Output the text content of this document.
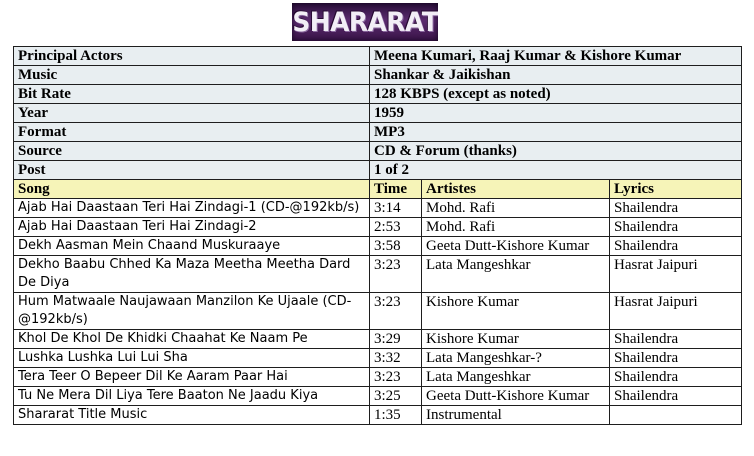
SHARARAT
Principal Actors	Meena Kumari, Raaj Kumar & Kishore Kumar		
Music	Shankar & Jaikishan		
Bit Rate	128 KBPS (except as noted)		
Year	1959		
Format	MP3		
Source	CD & Forum (thanks)		
Post	1 of 2		
Song	Time	Artistes	Lyrics
Ajab Hai Daastaan Teri Hai Zindagi-1 (CD-@192kb/s)	3:14	Mohd. Rafi	Shailendra
Ajab Hai Daastaan Teri Hai Zindagi-2	2:53	Mohd. Rafi	Shailendra
Dekh Aasman Mein Chaand Muskuraaye	3:58	Geeta Dutt-Kishore Kumar	Shailendra
Dekho Baabu Chhed Ka Maza Meetha Meetha Dard De Diya	3:23	Lata Mangeshkar	Hasrat Jaipuri
Hum Matwaale Naujawaan Manzilon Ke Ujaale (CD-@192kb/s)	3:23	Kishore Kumar	Hasrat Jaipuri
Khol De Khol De Khidki Chaahat Ke Naam Pe	3:29	Kishore Kumar	Shailendra
Lushka Lushka Lui Lui Sha	3:32	Lata Mangeshkar-?	Shailendra
Tera Teer O Bepeer Dil Ke Aaram Paar Hai	3:23	Lata Mangeshkar	Shailendra
Tu Ne Mera Dil Liya Tere Baaton Ne Jaadu Kiya	3:25	Geeta Dutt-Kishore Kumar	Shailendra
Shararat Title Music	1:35	Instrumental	
